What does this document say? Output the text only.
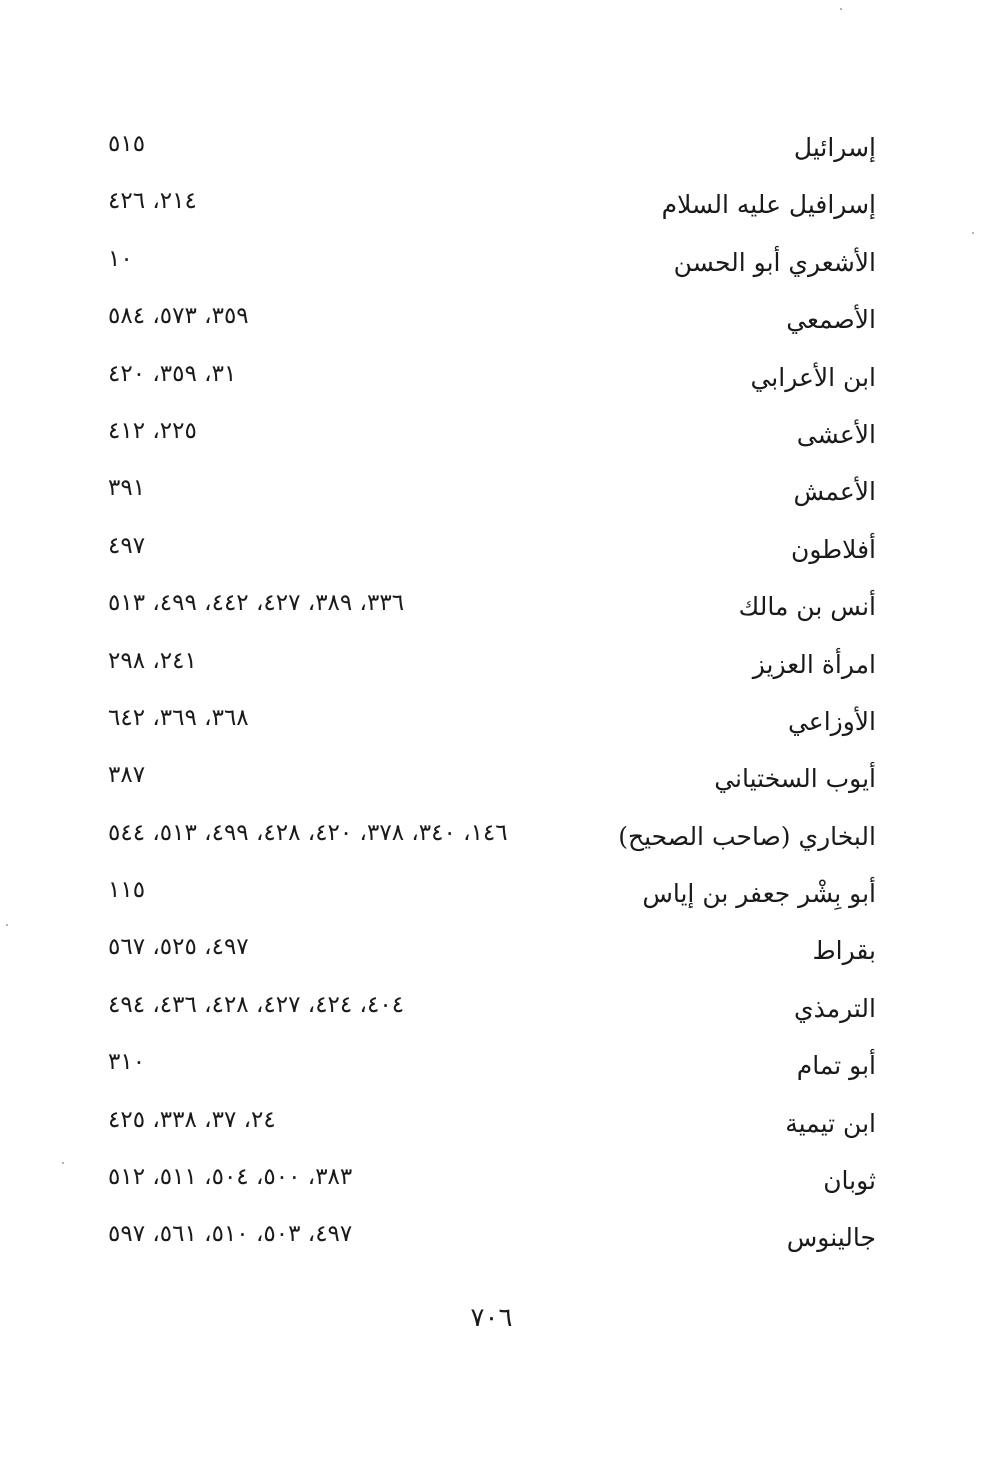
إسرائيل
٥١٥
إسرافيل عليه السلام
٢١٤، ٤٢٦
الأشعري أبو الحسن
١٠
الأصمعي
٣٥٩، ٥٧٣، ٥٨٤
ابن الأعرابي
٣١، ٣٥٩، ٤٢٠
الأعشى
٢٢٥، ٤١٢
الأعمش
٣٩١
أفلاطون
٤٩٧
أنس بن مالك
٣٣٦، ٣٨٩، ٤٢٧، ٤٤٢، ٤٩٩، ٥١٣
امرأة العزيز
٢٤١، ٢٩٨
الأوزاعي
٣٦٨، ٣٦٩، ٦٤٢
أيوب السختياني
٣٨٧
البخاري (صاحب الصحيح)
١٤٦، ٣٤٠، ٣٧٨، ٤٢٠، ٤٢٨، ٤٩٩، ٥١٣، ٥٤٤
أبو بِشْر جعفر بن إياس
١١٥
بقراط
٤٩٧، ٥٢٥، ٥٦٧
الترمذي
٤٠٤، ٤٢٤، ٤٢٧، ٤٢٨، ٤٣٦، ٤٩٤
أبو تمام
٣١٠
ابن تيمية
٢٤، ٣٧، ٣٣٨، ٤٢٥
ثوبان
٣٨٣، ٥٠٠، ٥٠٤، ٥١١، ٥١٢
جالينوس
٤٩٧، ٥٠٣، ٥١٠، ٥٦١، ٥٩٧
٧٠٦
